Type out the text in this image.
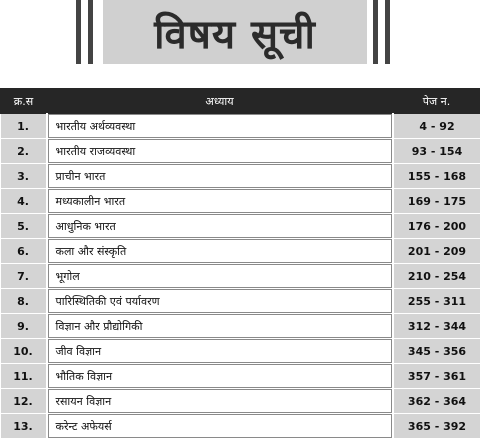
विषय सूची
क्र.स	अध्याय	पेज न.
1.	भारतीय अर्थव्यवस्था	4 - 92
2.	भारतीय राजव्यवस्था	93 - 154
3.	प्राचीन भारत	155 - 168
4.	मध्यकालीन भारत	169 - 175
5.	आधुनिक भारत	176 - 200
6.	कला और संस्कृति	201 - 209
7.	भूगोल	210 - 254
8.	पारिस्थितिकी एवं पर्यावरण	255 - 311
9.	विज्ञान और प्रौद्योगिकी	312 - 344
10.	जीव विज्ञान	345 - 356
11.	भौतिक विज्ञान	357 - 361
12.	रसायन विज्ञान	362 - 364
13.	करेन्ट अफेयर्स	365 - 392
